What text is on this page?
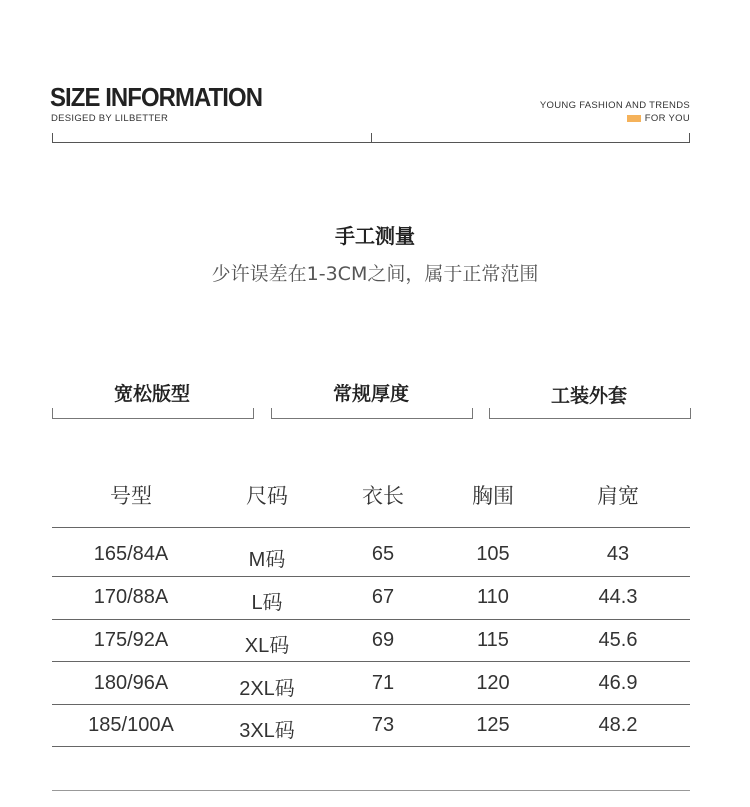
SIZE INFORMATION
DESIGED BY LILBETTER
YOUNG FASHION AND TRENDS
FOR YOU
手工测量
少许误差在1-3CM之间，属于正常范围
宽松版型	常规厚度	工装外套
号型	尺码	衣长	胸围	肩宽
165/84A	M码	65	105	43
170/88A	L码	67	110	44.3
175/92A	XL码	69	115	45.6
180/96A	2XL码	71	120	46.9
185/100A	3XL码	73	125	48.2
